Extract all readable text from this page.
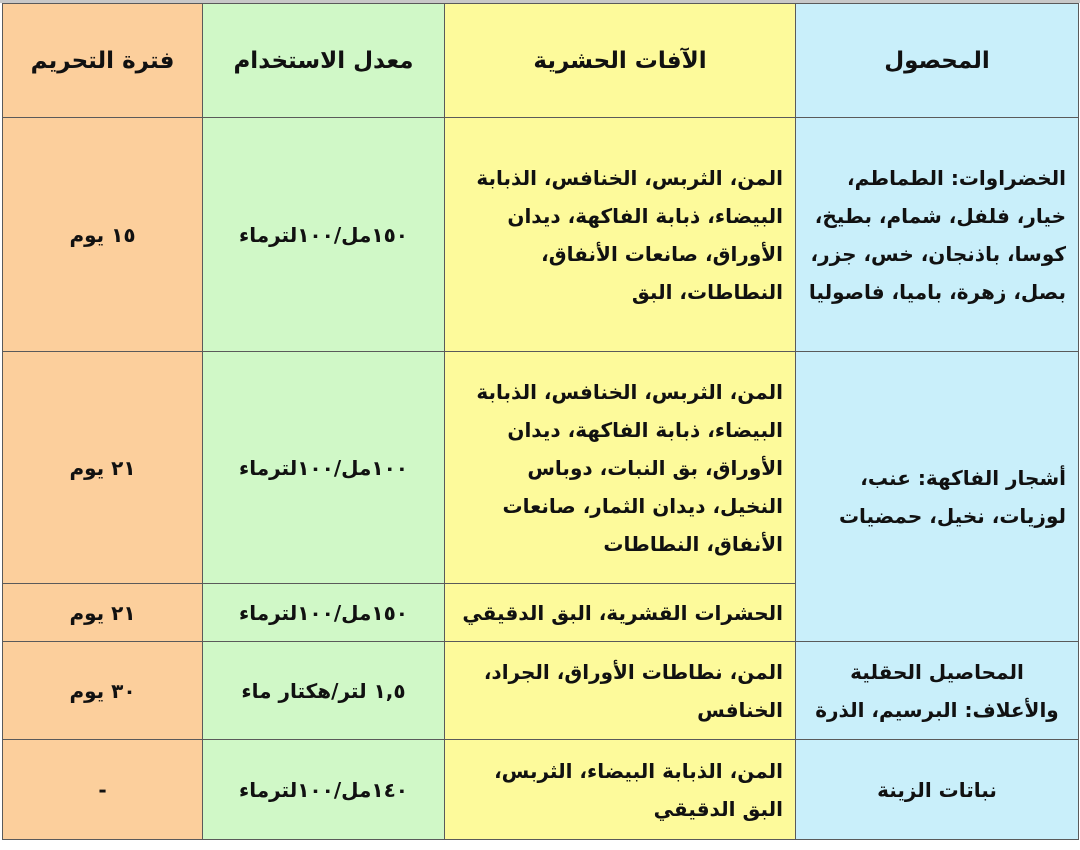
المحصول	الآفات الحشرية	معدل الاستخدام	فترة التحريم
الخضراوات: الطماطم، خيار، فلفل، شمام، بطيخ، كوسا، باذنجان، خس، جزر، بصل، زهرة، باميا، فاصوليا	المن، الثربس، الخنافس، الذبابة البيضاء، ذبابة الفاكهة، ديدان الأوراق، صانعات الأنفاق، النطاطات، البق	١٥٠مل/١٠٠لترماء	١٥ يوم
أشجار الفاكهة: عنب، لوزيات، نخيل، حمضيات	المن، الثربس، الخنافس، الذبابة البيضاء، ذبابة الفاكهة، ديدان الأوراق، بق النبات، دوباس النخيل، ديدان الثمار، صانعات الأنفاق، النطاطات	١٠٠مل/١٠٠لترماء	٢١ يوم
	الحشرات القشرية، البق الدقيقي	١٥٠مل/١٠٠لترماء	٢١ يوم
المحاصيل الحقلية والأعلاف: البرسيم، الذرة	المن، نطاطات الأوراق، الجراد، الخنافس	١,٥ لتر/هكتار ماء	٣٠ يوم
نباتات الزينة	المن، الذبابة البيضاء، الثربس، البق الدقيقي	١٤٠مل/١٠٠لترماء	-
